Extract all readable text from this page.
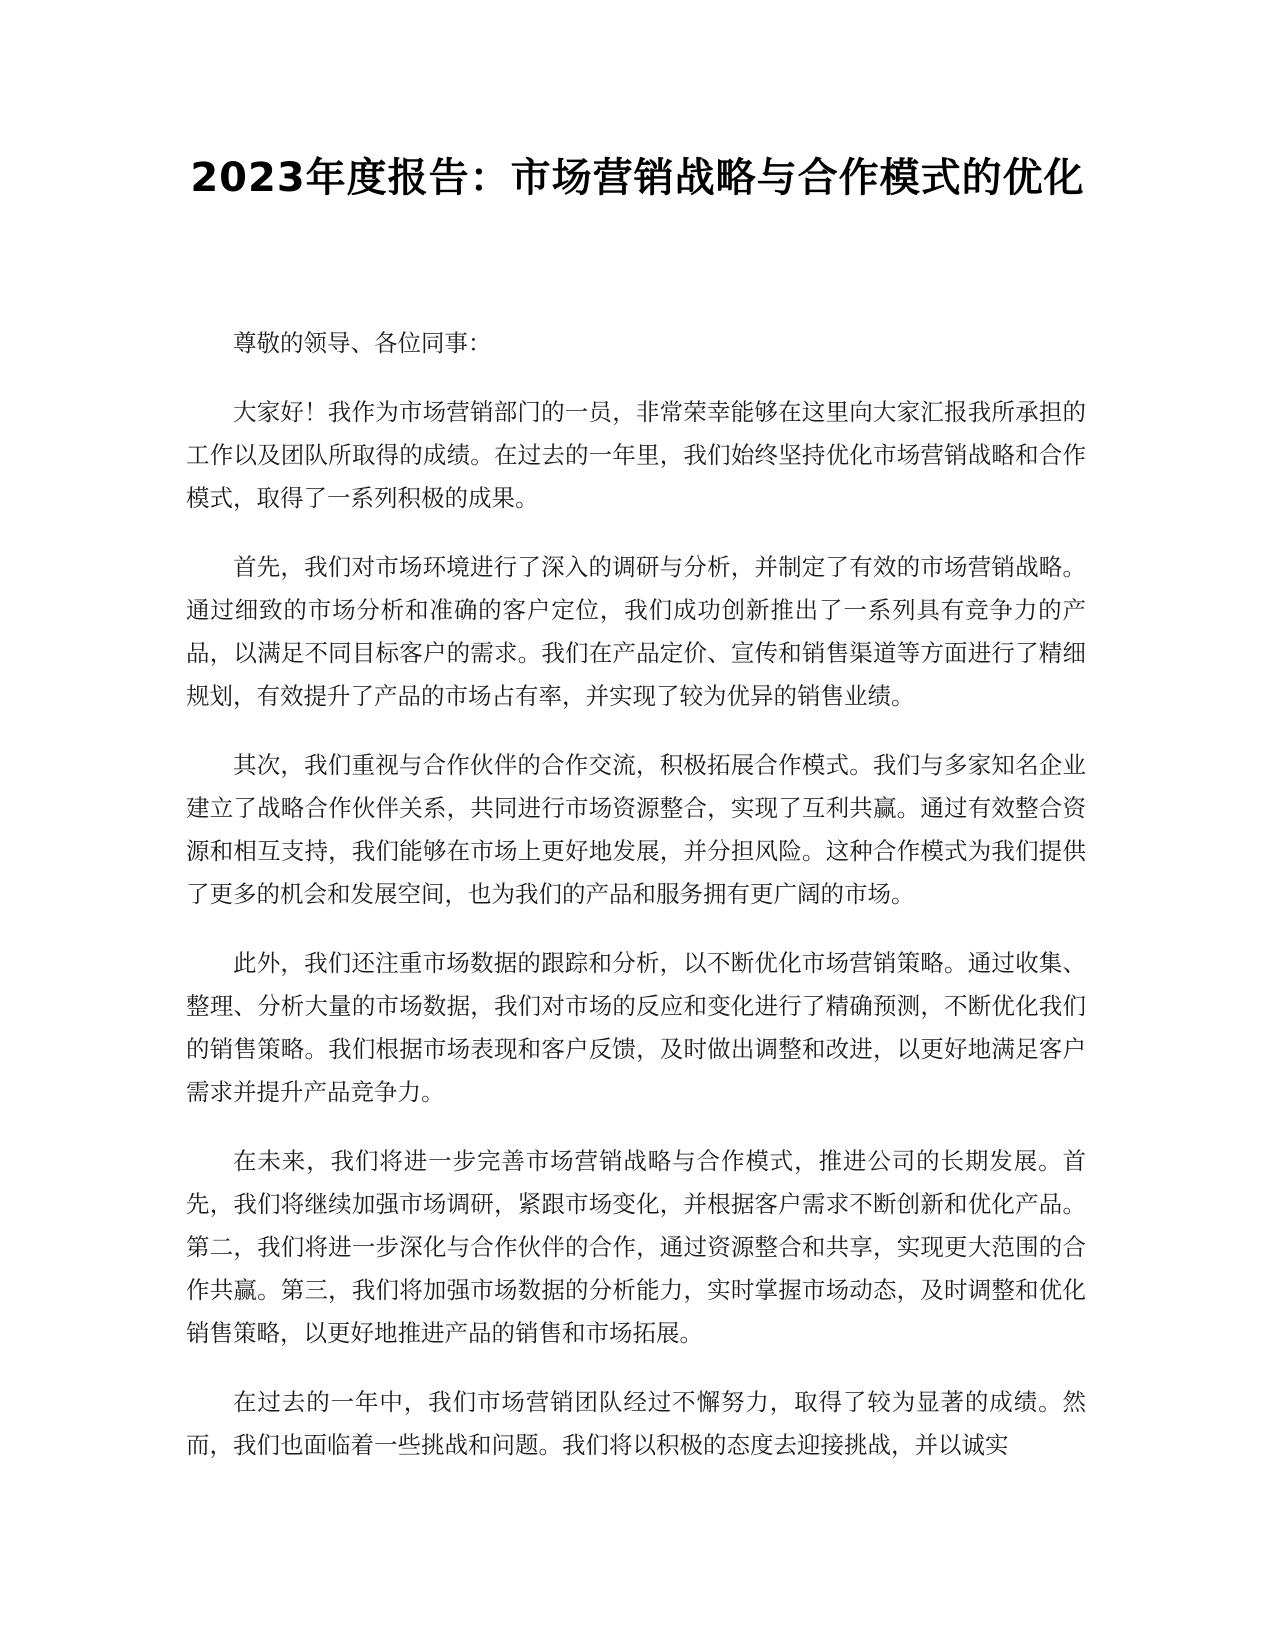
2023年度报告：市场营销战略与合作模式的优化

尊敬的领导、各位同事：

大家好！我作为市场营销部门的一员，非常荣幸能够在这里向大家汇报我所承担的工作以及团队所取得的成绩。在过去的一年里，我们始终坚持优化市场营销战略和合作模式，取得了一系列积极的成果。

首先，我们对市场环境进行了深入的调研与分析，并制定了有效的市场营销战略。通过细致的市场分析和准确的客户定位，我们成功创新推出了一系列具有竞争力的产品，以满足不同目标客户的需求。我们在产品定价、宣传和销售渠道等方面进行了精细规划，有效提升了产品的市场占有率，并实现了较为优异的销售业绩。

其次，我们重视与合作伙伴的合作交流，积极拓展合作模式。我们与多家知名企业建立了战略合作伙伴关系，共同进行市场资源整合，实现了互利共赢。通过有效整合资源和相互支持，我们能够在市场上更好地发展，并分担风险。这种合作模式为我们提供了更多的机会和发展空间，也为我们的产品和服务拥有更广阔的市场。

此外，我们还注重市场数据的跟踪和分析，以不断优化市场营销策略。通过收集、整理、分析大量的市场数据，我们对市场的反应和变化进行了精确预测，不断优化我们的销售策略。我们根据市场表现和客户反馈，及时做出调整和改进，以更好地满足客户需求并提升产品竞争力。

在未来，我们将进一步完善市场营销战略与合作模式，推进公司的长期发展。首先，我们将继续加强市场调研，紧跟市场变化，并根据客户需求不断创新和优化产品。第二，我们将进一步深化与合作伙伴的合作，通过资源整合和共享，实现更大范围的合作共赢。第三，我们将加强市场数据的分析能力，实时掌握市场动态，及时调整和优化销售策略，以更好地推进产品的销售和市场拓展。

在过去的一年中，我们市场营销团队经过不懈努力，取得了较为显著的成绩。然而，我们也面临着一些挑战和问题。我们将以积极的态度去迎接挑战，并以诚实
